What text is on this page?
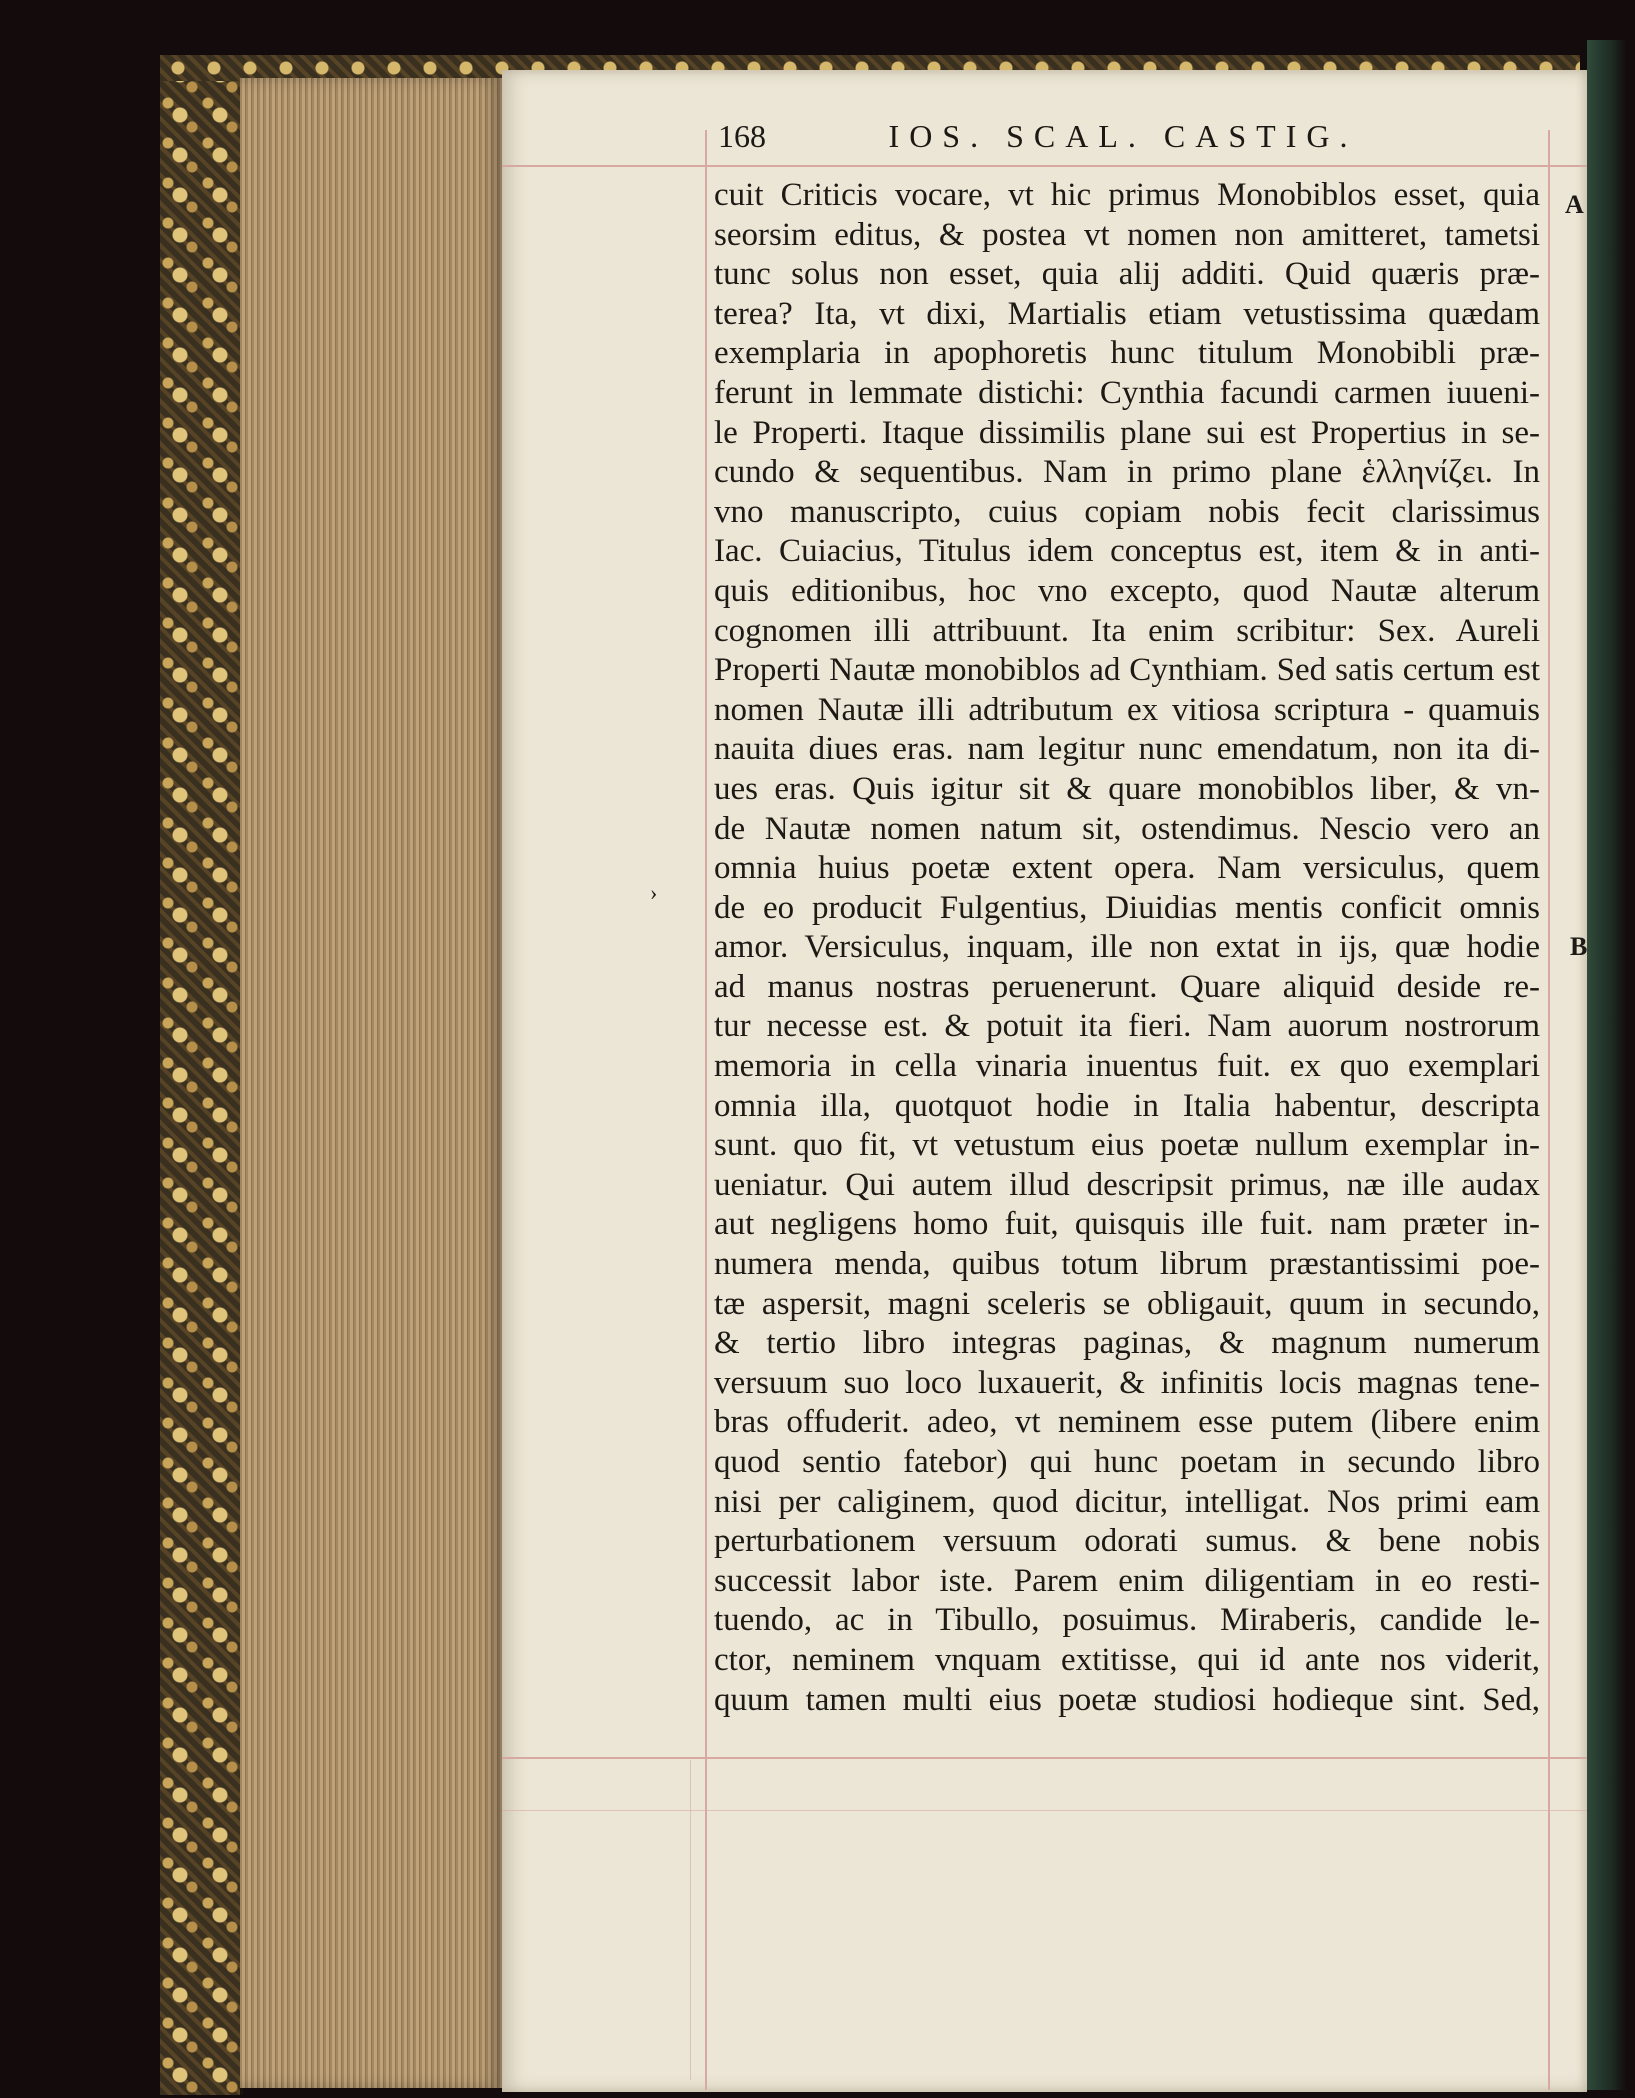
168	IOS. SCAL. CASTIG.
A
B
›
cuit Criticis vocare, vt hic primus Monobiblos esset, quia
seorsim editus, & postea vt nomen non amitteret, tametsi
tunc solus non esset, quia alij additi. Quid quæris præ-
terea? Ita, vt dixi, Martialis etiam vetustissima quædam
exemplaria in apophoretis hunc titulum Monobibli præ-
ferunt in lemmate distichi: Cynthia facundi carmen iuueni-
le Properti. Itaque dissimilis plane sui est Propertius in se-
cundo & sequentibus. Nam in primo plane ἑλληνίζει. In
vno manuscripto, cuius copiam nobis fecit clarissimus
Iac. Cuiacius, Titulus idem conceptus est, item & in anti-
quis editionibus, hoc vno excepto, quod Nautæ alterum
cognomen illi attribuunt. Ita enim scribitur: Sex. Aureli
Properti Nautæ monobiblos ad Cynthiam. Sed satis certum est
nomen Nautæ illi adtributum ex vitiosa scriptura - quamuis
nauita diues eras. nam legitur nunc emendatum, non ita di-
ues eras. Quis igitur sit & quare monobiblos liber, & vn-
de Nautæ nomen natum sit, ostendimus. Nescio vero an
omnia huius poetæ extent opera. Nam versiculus, quem
de eo producit Fulgentius, Diuidias mentis conficit omnis
amor. Versiculus, inquam, ille non extat in ijs, quæ hodie
ad manus nostras peruenerunt. Quare aliquid deside re-
tur necesse est. & potuit ita fieri. Nam auorum nostrorum
memoria in cella vinaria inuentus fuit. ex quo exemplari
omnia illa, quotquot hodie in Italia habentur, descripta
sunt. quo fit, vt vetustum eius poetæ nullum exemplar in-
ueniatur. Qui autem illud descripsit primus, næ ille audax
aut negligens homo fuit, quisquis ille fuit. nam præter in-
numera menda, quibus totum librum præstantissimi poe-
tæ aspersit, magni sceleris se obligauit, quum in secundo,
& tertio libro integras paginas, & magnum numerum
versuum suo loco luxauerit, & infinitis locis magnas tene-
bras offuderit. adeo, vt neminem esse putem (libere enim
quod sentio fatebor) qui hunc poetam in secundo libro
nisi per caliginem, quod dicitur, intelligat. Nos primi eam
perturbationem versuum odorati sumus. & bene nobis
successit labor iste. Parem enim diligentiam in eo resti-
tuendo, ac in Tibullo, posuimus. Miraberis, candide le-
ctor, neminem vnquam extitisse, qui id ante nos viderit,
quum tamen multi eius poetæ studiosi hodieque sint. Sed,
